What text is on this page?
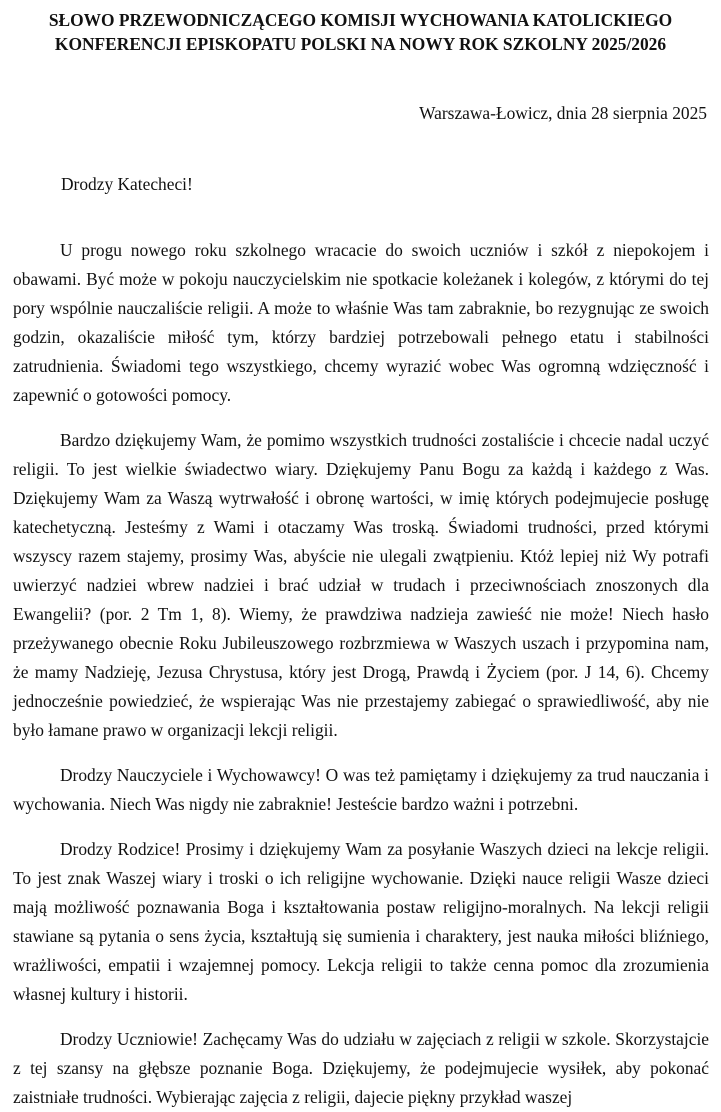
SŁOWO PRZEWODNICZĄCEGO KOMISJI WYCHOWANIA KATOLICKIEGO
KONFERENCJI EPISKOPATU POLSKI NA NOWY ROK SZKOLNY 2025/2026
Warszawa-Łowicz, dnia 28 sierpnia 2025
Drodzy Katecheci!

U progu nowego roku szkolnego wracacie do swoich uczniów i szkół z niepokojem i obawami. Być może w pokoju nauczycielskim nie spotkacie koleżanek i kolegów, z którymi do tej pory wspólnie nauczaliście religii. A może to właśnie Was tam zabraknie, bo rezygnując ze swoich godzin, okazaliście miłość tym, którzy bardziej potrzebowali pełnego etatu i stabilności zatrudnienia. Świadomi tego wszystkiego, chcemy wyrazić wobec Was ogromną wdzięczność i zapewnić o gotowości pomocy.

Bardzo dziękujemy Wam, że pomimo wszystkich trudności zostaliście i chcecie nadal uczyć religii. To jest wielkie świadectwo wiary. Dziękujemy Panu Bogu za każdą i każdego z Was. Dziękujemy Wam za Waszą wytrwałość i obronę wartości, w imię których podejmujecie posługę katechetyczną. Jesteśmy z Wami i otaczamy Was troską. Świadomi trudności, przed którymi wszyscy razem stajemy, prosimy Was, abyście nie ulegali zwątpieniu. Któż lepiej niż Wy potrafi uwierzyć nadziei wbrew nadziei i brać udział w trudach i przeciwnościach znoszonych dla Ewangelii? (por. 2 Tm 1, 8). Wiemy, że prawdziwa nadzieja zawieść nie może! Niech hasło przeżywanego obecnie Roku Jubileuszowego rozbrzmiewa w Waszych uszach i przypomina nam, że mamy Nadzieję, Jezusa Chrystusa, który jest Drogą, Prawdą i Życiem (por. J 14, 6). Chcemy jednocześnie powiedzieć, że wspierając Was nie przestajemy zabiegać o sprawiedliwość, aby nie było łamane prawo w organizacji lekcji religii.

Drodzy Nauczyciele i Wychowawcy! O was też pamiętamy i dziękujemy za trud nauczania i wychowania. Niech Was nigdy nie zabraknie! Jesteście bardzo ważni i potrzebni.

Drodzy Rodzice! Prosimy i dziękujemy Wam za posyłanie Waszych dzieci na lekcje religii. To jest znak Waszej wiary i troski o ich religijne wychowanie. Dzięki nauce religii Wasze dzieci mają możliwość poznawania Boga i kształtowania postaw religijno-moralnych. Na lekcji religii stawiane są pytania o sens życia, kształtują się sumienia i charaktery, jest nauka miłości bliźniego, wrażliwości, empatii i wzajemnej pomocy. Lekcja religii to także cenna pomoc dla zrozumienia własnej kultury i historii.

Drodzy Uczniowie! Zachęcamy Was do udziału w zajęciach z religii w szkole. Skorzystajcie z tej szansy na głębsze poznanie Boga. Dziękujemy, że podejmujecie wysiłek, aby pokonać zaistniałe trudności. Wybierając zajęcia z religii, dajecie piękny przykład waszej
